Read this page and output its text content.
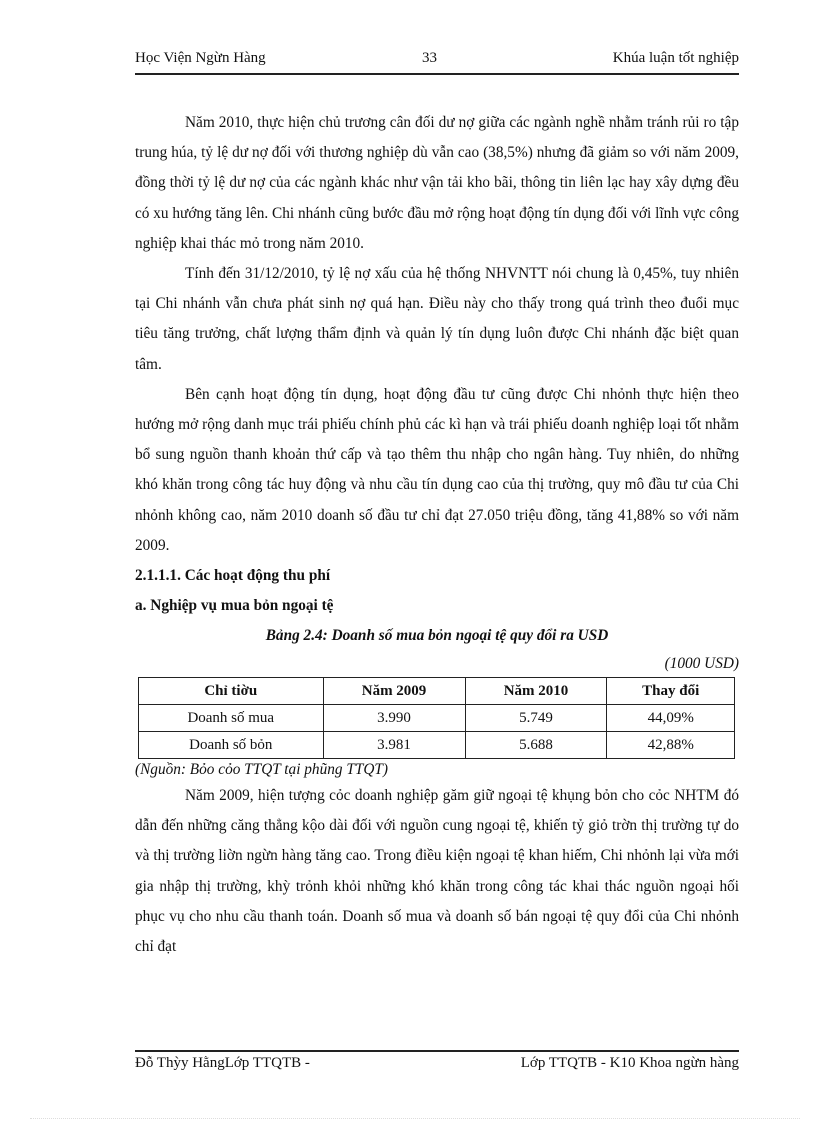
Học Viện Ngừn Hàng	33	Khúa luận tốt nghiệp

Năm 2010, thực hiện chủ trương cân đối dư nợ giữa các ngành nghề nhằm tránh rủi ro tập trung húa, tỷ lệ dư nợ đối với thương nghiệp dù vẫn cao (38,5%) nhưng đã giảm so với năm 2009, đồng thời tỷ lệ dư nợ của các ngành khác như vận tải kho bãi, thông tin liên lạc hay xây dựng đều có xu hướng tăng lên. Chi nhánh cũng bước đầu mở rộng hoạt động tín dụng đối với lĩnh vực công nghiệp khai thác mỏ trong năm 2010.

Tính đến 31/12/2010, tỷ lệ nợ xấu của hệ thống NHVNTT nói chung là 0,45%, tuy nhiên tại Chi nhánh vẫn chưa phát sinh nợ quá hạn. Điều này cho thấy trong quá trình theo đuổi mục tiêu tăng trưởng, chất lượng thẩm định và quản lý tín dụng luôn được Chi nhánh đặc biệt quan tâm.

Bên cạnh hoạt động tín dụng, hoạt động đầu tư cũng được Chi nhỏnh thực hiện theo hướng mở rộng danh mục trái phiếu chính phủ các kì hạn và trái phiếu doanh nghiệp loại tốt nhằm bổ sung nguồn thanh khoản thứ cấp và tạo thêm thu nhập cho ngân hàng. Tuy nhiên, do những khó khăn trong công tác huy động và nhu cầu tín dụng cao của thị trường, quy mô đầu tư của Chi nhỏnh không cao, năm 2010 doanh số đầu tư chỉ đạt 27.050 triệu đồng, tăng 41,88% so với năm 2009.

2.1.1.1. Các hoạt động thu phí

a. Nghiệp vụ mua bỏn ngoại tệ

Bảng 2.4: Doanh số mua bỏn ngoại tệ quy đổi ra USD

(1000 USD)

Chỉ tiờu	Năm 2009	Năm 2010	Thay đổi
Doanh số mua	3.990	5.749	44,09%
Doanh số bỏn	3.981	5.688	42,88%

(Nguồn: Bỏo cỏo TTQT tại phũng TTQT)

Năm 2009, hiện tượng cỏc doanh nghiệp găm giữ ngoại tệ khụng bỏn cho cỏc NHTM đó dẫn đến những căng thẳng kộo dài đối với nguồn cung ngoại tệ, khiến tỷ giỏ trờn thị trường tự do và thị trường liờn ngừn hàng tăng cao. Trong điều kiện ngoại tệ khan hiếm, Chi nhỏnh lại vừa mới gia nhập thị trường, khỳ trỏnh khỏi những khó khăn trong công tác khai thác nguồn ngoại hối phục vụ cho nhu cầu thanh toán. Doanh số mua và doanh số bán ngoại tệ quy đổi của Chi nhỏnh chỉ đạt

Đỗ Thỳy HằngLớp TTQTB -	Lớp TTQTB - K10 Khoa ngừn hàng
